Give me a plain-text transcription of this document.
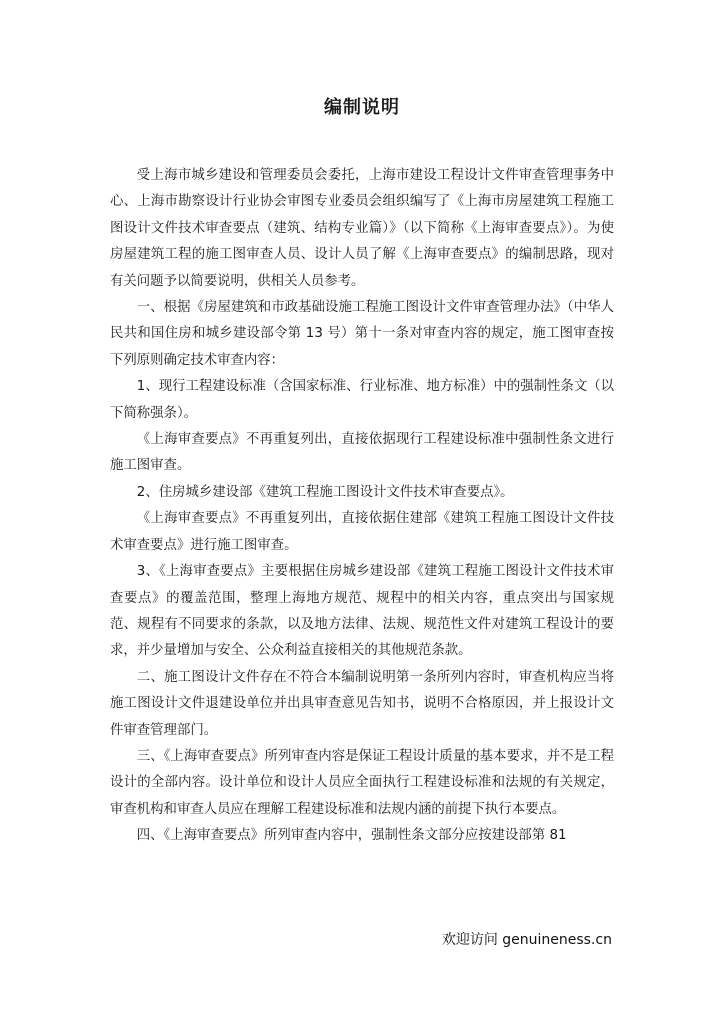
编制说明

受上海市城乡建设和管理委员会委托，上海市建设工程设计文件审查管理事务中心、上海市勘察设计行业协会审图专业委员会组织编写了《上海市房屋建筑工程施工图设计文件技术审查要点（建筑、结构专业篇）》（以下简称《上海审查要点》）。为使房屋建筑工程的施工图审查人员、设计人员了解《上海审查要点》的编制思路，现对有关问题予以简要说明，供相关人员参考。

一、根据《房屋建筑和市政基础设施工程施工图设计文件审查管理办法》（中华人民共和国住房和城乡建设部令第 13 号）第十一条对审查内容的规定，施工图审查按下列原则确定技术审查内容：

1、现行工程建设标准（含国家标准、行业标准、地方标准）中的强制性条文（以下简称强条）。

《上海审查要点》不再重复列出，直接依据现行工程建设标准中强制性条文进行施工图审查。

2、住房城乡建设部《建筑工程施工图设计文件技术审查要点》。

《上海审查要点》不再重复列出，直接依据住建部《建筑工程施工图设计文件技术审查要点》进行施工图审查。

3、《上海审查要点》主要根据住房城乡建设部《建筑工程施工图设计文件技术审查要点》的覆盖范围，整理上海地方规范、规程中的相关内容，重点突出与国家规范、规程有不同要求的条款，以及地方法律、法规、规范性文件对建筑工程设计的要求，并少量增加与安全、公众利益直接相关的其他规范条款。

二、施工图设计文件存在不符合本编制说明第一条所列内容时，审查机构应当将施工图设计文件退建设单位并出具审查意见告知书，说明不合格原因，并上报设计文件审查管理部门。

三、《上海审查要点》所列审查内容是保证工程设计质量的基本要求，并不是工程设计的全部内容。设计单位和设计人员应全面执行工程建设标准和法规的有关规定，审查机构和审查人员应在理解工程建设标准和法规内涵的前提下执行本要点。

四、《上海审查要点》所列审查内容中，强制性条文部分应按建设部第 81

欢迎访问 genuineness.cn
